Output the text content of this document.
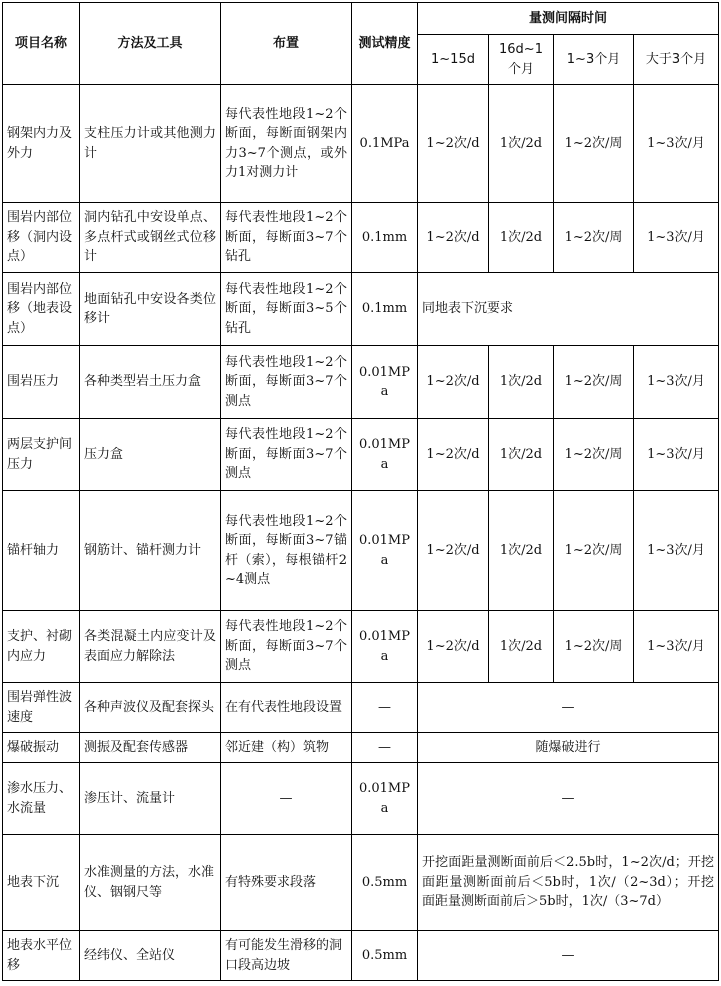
项目名称	方法及工具	布置	测试精度	量测间隔时间			
				1~15d	16d~1个月	1~3个月	大于3个月
钢架内力及外力	支柱压力计或其他测力计	每代表性地段1~2个断面，每断面钢架内力3~7个测点，或外力1对测力计	0.1MPa	1~2次/d	1次/2d	1~2次/周	1~3次/月
围岩内部位移（洞内设点）	洞内钻孔中安设单点、多点杆式或钢丝式位移计	每代表性地段1~2个断面，每断面3~7个钻孔	0.1mm	1~2次/d	1次/2d	1~2次/周	1~3次/月
围岩内部位移（地表设点）	地面钻孔中安设各类位移计	每代表性地段1~2个断面，每断面3~5个钻孔	0.1mm	同地表下沉要求			
围岩压力	各种类型岩土压力盒	每代表性地段1~2个断面，每断面3~7个测点	0.01MPa	1~2次/d	1次/2d	1~2次/周	1~3次/月
两层支护间压力	压力盒	每代表性地段1~2个断面，每断面3~7个测点	0.01MPa	1~2次/d	1次/2d	1~2次/周	1~3次/月
锚杆轴力	钢筋计、锚杆测力计	每代表性地段1~2个断面，每断面3~7锚杆（索），每根锚杆2~4测点	0.01MPa	1~2次/d	1次/2d	1~2次/周	1~3次/月
支护、衬砌内应力	各类混凝土内应变计及表面应力解除法	每代表性地段1~2个断面，每断面3~7个测点	0.01MPa	1~2次/d	1次/2d	1~2次/周	1~3次/月
围岩弹性波速度	各种声波仪及配套探头	在有代表性地段设置	—	—			
爆破振动	测振及配套传感器	邻近建（构）筑物	—	随爆破进行			
渗水压力、水流量	渗压计、流量计	—	0.01MPa	—			
地表下沉	水准测量的方法，水准仪、铟钢尺等	有特殊要求段落	0.5mm	开挖面距量测断面前后＜2.5b时，1~2次/d；开挖面距量测断面前后＜5b时，1次/（2~3d）；开挖面距量测断面前后＞5b时，1次/（3~7d）			
地表水平位移	经纬仪、全站仪	有可能发生滑移的洞口段高边坡	0.5mm	—			
